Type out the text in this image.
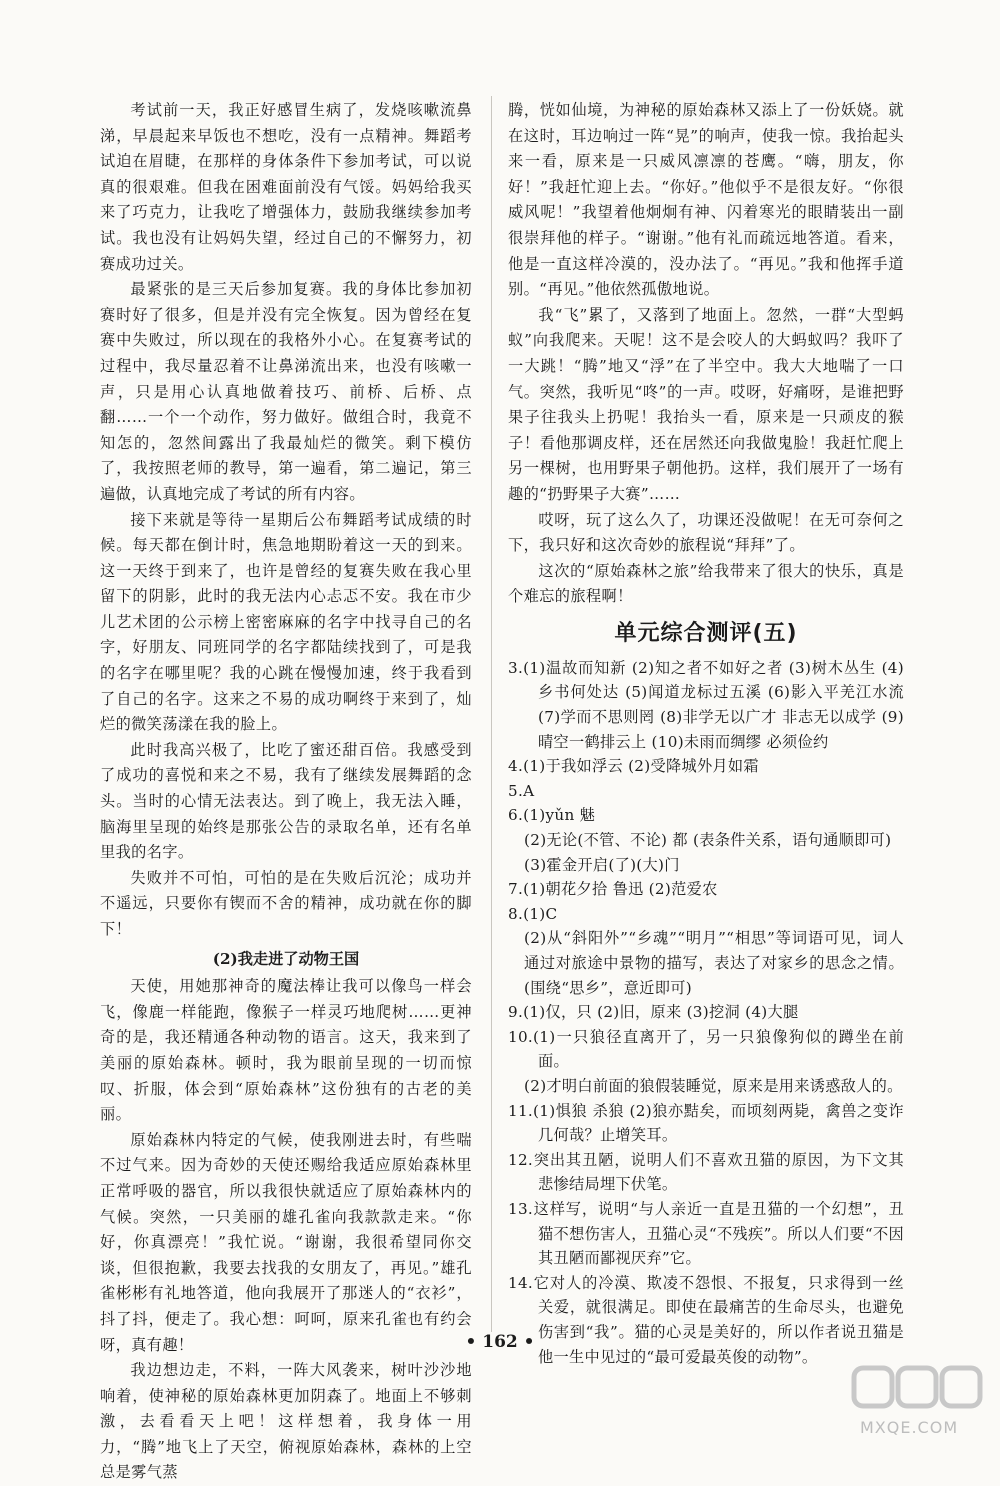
考试前一天，我正好感冒生病了，发烧咳嗽流鼻涕，早晨起来早饭也不想吃，没有一点精神。舞蹈考试迫在眉睫，在那样的身体条件下参加考试，可以说真的很艰难。但我在困难面前没有气馁。妈妈给我买来了巧克力，让我吃了增强体力，鼓励我继续参加考试。我也没有让妈妈失望，经过自己的不懈努力，初赛成功过关。

最紧张的是三天后参加复赛。我的身体比参加初赛时好了很多，但是并没有完全恢复。因为曾经在复赛中失败过，所以现在的我格外小心。在复赛考试的过程中，我尽量忍着不让鼻涕流出来，也没有咳嗽一声，只是用心认真地做着技巧、前桥、后桥、点翻……一个一个动作，努力做好。做组合时，我竟不知怎的，忽然间露出了我最灿烂的微笑。剩下模仿了，我按照老师的教导，第一遍看，第二遍记，第三遍做，认真地完成了考试的所有内容。

接下来就是等待一星期后公布舞蹈考试成绩的时候。每天都在倒计时，焦急地期盼着这一天的到来。这一天终于到来了，也许是曾经的复赛失败在我心里留下的阴影，此时的我无法内心忐忑不安。我在市少儿艺术团的公示榜上密密麻麻的名字中找寻自己的名字，好朋友、同班同学的名字都陆续找到了，可是我的名字在哪里呢？我的心跳在慢慢加速，终于我看到了自己的名字。这来之不易的成功啊终于来到了，灿烂的微笑荡漾在我的脸上。

此时我高兴极了，比吃了蜜还甜百倍。我感受到了成功的喜悦和来之不易，我有了继续发展舞蹈的念头。当时的心情无法表达。到了晚上，我无法入睡，脑海里呈现的始终是那张公告的录取名单，还有名单里我的名字。

失败并不可怕，可怕的是在失败后沉沦；成功并不遥远，只要你有锲而不舍的精神，成功就在你的脚下！

(2)我走进了动物王国

天使，用她那神奇的魔法棒让我可以像鸟一样会飞，像鹿一样能跑，像猴子一样灵巧地爬树……更神奇的是，我还精通各种动物的语言。这天，我来到了美丽的原始森林。顿时，我为眼前呈现的一切而惊叹、折服，体会到“原始森林”这份独有的古老的美丽。

原始森林内特定的气候，使我刚进去时，有些喘不过气来。因为奇妙的天使还赐给我适应原始森林里正常呼吸的器官，所以我很快就适应了原始森林内的气候。突然，一只美丽的雄孔雀向我款款走来。“你好，你真漂亮！”我忙说。“谢谢，我很希望同你交谈，但很抱歉，我要去找我的女朋友了，再见。”雄孔雀彬彬有礼地答道，他向我展开了那迷人的“衣衫”，抖了抖，便走了。我心想：呵呵，原来孔雀也有约会呀，真有趣！

我边想边走，不料，一阵大风袭来，树叶沙沙地响着，使神秘的原始森林更加阴森了。地面上不够刺激，去看看天上吧！这样想着，我身体一用力，“腾”地飞上了天空，俯视原始森林，森林的上空总是雾气蒸

腾，恍如仙境，为神秘的原始森林又添上了一份妖娆。就在这时，耳边响过一阵“晃”的响声，使我一惊。我抬起头来一看，原来是一只威风凛凛的苍鹰。“嗨，朋友，你好！”我赶忙迎上去。“你好。”他似乎不是很友好。“你很威风呢！”我望着他炯炯有神、闪着寒光的眼睛装出一副很崇拜他的样子。“谢谢。”他有礼而疏远地答道。看来，他是一直这样冷漠的，没办法了。“再见。”我和他挥手道别。“再见。”他依然孤傲地说。

我“飞”累了，又落到了地面上。忽然，一群“大型蚂蚁”向我爬来。天呢！这不是会咬人的大蚂蚁吗？我吓了一大跳！“腾”地又“浮”在了半空中。我大大地喘了一口气。突然，我听见“咚”的一声。哎呀，好痛呀，是谁把野果子往我头上扔呢！我抬头一看，原来是一只顽皮的猴子！看他那调皮样，还在居然还向我做鬼脸！我赶忙爬上另一棵树，也用野果子朝他扔。这样，我们展开了一场有趣的“扔野果子大赛”……

哎呀，玩了这么久了，功课还没做呢！在无可奈何之下，我只好和这次奇妙的旅程说“拜拜”了。

这次的“原始森林之旅”给我带来了很大的快乐，真是个难忘的旅程啊！

单元综合测评(五)

3.(1)温故而知新 (2)知之者不如好之者 (3)树木丛生 (4)乡书何处达 (5)闻道龙标过五溪 (6)影入平羌江水流 (7)学而不思则罔 (8)非学无以广才 非志无以成学 (9)晴空一鹤排云上 (10)未雨而绸缪 必须俭约

4.(1)于我如浮云 (2)受降城外月如霜

5.A

6.(1)yǔn 魅

(2)无论(不管、不论) 都 (表条件关系，语句通顺即可)

(3)霍金开启(了)(大)门

7.(1)朝花夕拾 鲁迅 (2)范爱农

8.(1)C

(2)从“斜阳外”“乡魂”“明月”“相思”等词语可见，词人通过对旅途中景物的描写，表达了对家乡的思念之情。(围绕“思乡”，意近即可)

9.(1)仅，只 (2)旧，原来 (3)挖洞 (4)大腿

10.(1)一只狼径直离开了，另一只狼像狗似的蹲坐在前面。

(2)才明白前面的狼假装睡觉，原来是用来诱惑敌人的。

11.(1)惧狼 杀狼 (2)狼亦黠矣，而顷刻两毙，禽兽之变诈几何哉？止增笑耳。

12.突出其丑陋，说明人们不喜欢丑猫的原因，为下文其悲惨结局埋下伏笔。

13.这样写，说明“与人亲近一直是丑猫的一个幻想”，丑猫不想伤害人，丑猫心灵“不残疾”。所以人们要“不因其丑陋而鄙视厌弃”它。

14.它对人的冷漠、欺凌不怨恨、不报复，只求得到一丝关爱，就很满足。即使在最痛苦的生命尽头，也避免伤害到“我”。猫的心灵是美好的，所以作者说丑猫是他一生中见过的“最可爱最英俊的动物”。

• 162 •
MXQE.COM
